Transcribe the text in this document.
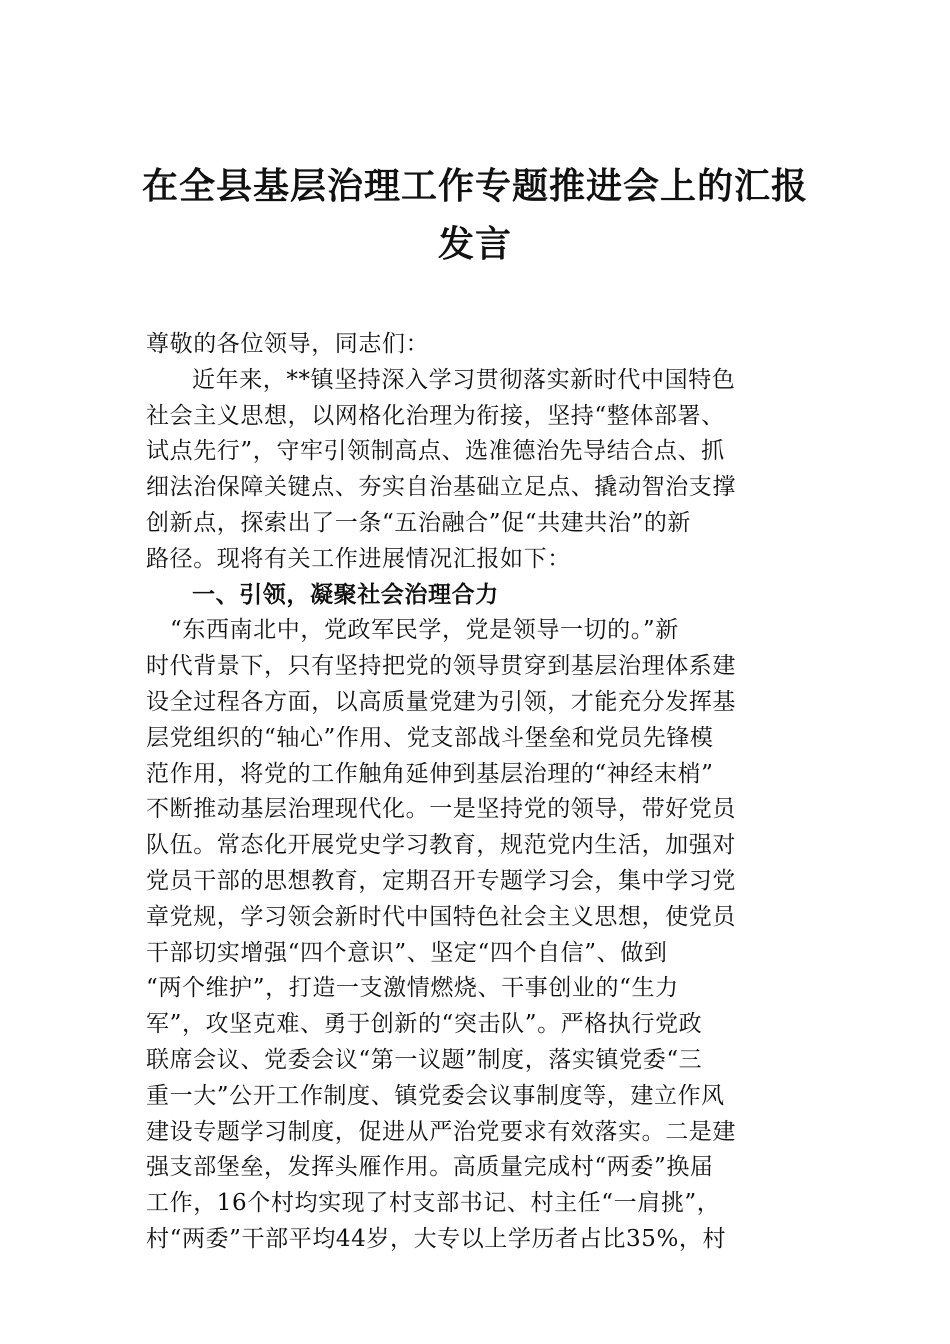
在全县基层治理工作专题推进会上的汇报
发言
尊敬的各位领导，同志们：
近年来，**镇坚持深入学习贯彻落实新时代中国特色
社会主义思想，以网格化治理为衔接，坚持“整体部署、
试点先行”，守牢引领制高点、选准德治先导结合点、抓
细法治保障关键点、夯实自治基础立足点、撬动智治支撑
创新点，探索出了一条“五治融合”促“共建共治”的新
路径。现将有关工作进展情况汇报如下：
一、引领，凝聚社会治理合力
“东西南北中，党政军民学，党是领导一切的。”新
时代背景下，只有坚持把党的领导贯穿到基层治理体系建
设全过程各方面，以高质量党建为引领，才能充分发挥基
层党组织的“轴心”作用、党支部战斗堡垒和党员先锋模
范作用，将党的工作触角延伸到基层治理的“神经末梢”
不断推动基层治理现代化。一是坚持党的领导，带好党员
队伍。常态化开展党史学习教育，规范党内生活，加强对
党员干部的思想教育，定期召开专题学习会，集中学习党
章党规，学习领会新时代中国特色社会主义思想，使党员
干部切实增强“四个意识”、坚定“四个自信”、做到
“两个维护”，打造一支激情燃烧、干事创业的“生力
军”，攻坚克难、勇于创新的“突击队”。严格执行党政
联席会议、党委会议“第一议题”制度，落实镇党委“三
重一大”公开工作制度、镇党委会议事制度等，建立作风
建设专题学习制度，促进从严治党要求有效落实。二是建
强支部堡垒，发挥头雁作用。高质量完成村“两委”换届
工作，16个村均实现了村支部书记、村主任“一肩挑”，
村“两委”干部平均44岁，大专以上学历者占比35%，村
